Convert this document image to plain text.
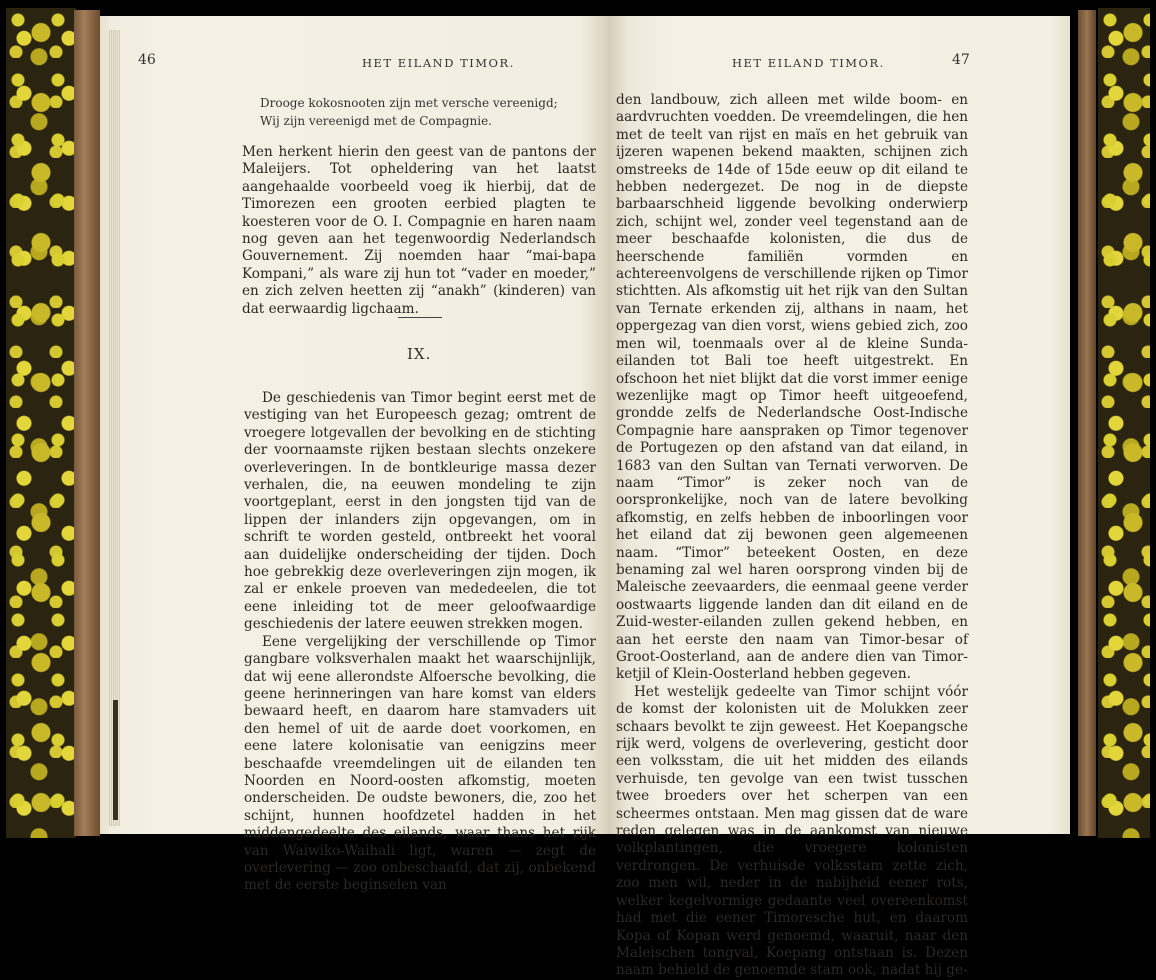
46	HET EILAND TIMOR.
Drooge kokosnooten zijn met versche vereenigd;
Wij zijn vereenigd met de Compagnie.

Men herkent hierin den geest van de pantons der Maleijers. Tot opheldering van het laatst aangehaalde voorbeeld voeg ik hierbij, dat de Timorezen een grooten eerbied plagten te koesteren voor de O. I. Compagnie en haren naam nog geven aan het tegenwoordig Nederlandsch Gouvernement. Zij noemden haar “mai-bapa Kompani,” als ware zij hun tot “vader en moeder,” en zich zelven heetten zij “anakh” (kinderen) van dat eerwaardig ligchaam.

IX.

De geschiedenis van Timor begint eerst met de vestiging van het Europeesch gezag; omtrent de vroegere lotgevallen der bevolking en de stichting der voornaamste rijken bestaan slechts onzekere overleveringen. In de bontkleurige massa dezer verhalen, die, na eeuwen mondeling te zijn voortgeplant, eerst in den jongsten tijd van de lippen der inlanders zijn opgevangen, om in schrift te worden gesteld, ontbreekt het vooral aan duidelijke onderscheiding der tijden. Doch hoe gebrekkig deze overleveringen zijn mogen, ik zal er enkele proeven van mededeelen, die tot eene inleiding tot de meer geloofwaardige geschiedenis der latere eeuwen strekken mogen.

Eene vergelijking der verschillende op Timor gangbare volksverhalen maakt het waarschijnlijk, dat wij eene allerondste Alfoersche bevolking, die geene herinneringen van hare komst van elders bewaard heeft, en daarom hare stamvaders uit den hemel of uit de aarde doet voorkomen, en eene latere kolonisatie van eenigzins meer beschaafde vreemdelingen uit de eilanden ten Noorden en Noord-oosten afkomstig, moeten onderscheiden. De oudste bewoners, die, zoo het schijnt, hunnen hoofdzetel hadden in het middengedeelte des eilands, waar thans het rijk van Waiwiko-Waihali ligt, waren — zegt de overlevering — zoo onbeschaafd, dat zij, onbekend met de eerste beginselen van

HET EILAND TIMOR.	47

den landbouw, zich alleen met wilde boom- en aardvruchten voedden. De vreemdelingen, die hen met de teelt van rijst en maïs en het gebruik van ijzeren wapenen bekend maakten, schijnen zich omstreeks de 14de of 15de eeuw op dit eiland te hebben nedergezet. De nog in de diepste barbaarschheid liggende bevolking onderwierp zich, schijnt wel, zonder veel tegenstand aan de meer beschaafde kolonisten, die dus de heerschende familiën vormden en achtereenvolgens de verschillende rijken op Timor stichtten. Als afkomstig uit het rijk van den Sultan van Ternate erkenden zij, althans in naam, het oppergezag van dien vorst, wiens gebied zich, zoo men wil, toenmaals over al de kleine Sunda-eilanden tot Bali toe heeft uitgestrekt. En ofschoon het niet blijkt dat die vorst immer eenige wezenlijke magt op Timor heeft uitgeoefend, grondde zelfs de Nederlandsche Oost-Indische Compagnie hare aanspraken op Timor tegenover de Portugezen op den afstand van dat eiland, in 1683 van den Sultan van Ternati verworven. De naam “Timor” is zeker noch van de oorspronkelijke, noch van de latere bevolking afkomstig, en zelfs hebben de inboorlingen voor het eiland dat zij bewonen geen algemeenen naam. “Timor” beteekent Oosten, en deze benaming zal wel haren oorsprong vinden bij de Maleische zeevaarders, die eenmaal geene verder oostwaarts liggende landen dan dit eiland en de Zuid-wester-eilanden zullen gekend hebben, en aan het eerste den naam van Timor-besar of Groot-Oosterland, aan de andere dien van Timor-ketjil of Klein-Oosterland hebben gegeven.

Het westelijk gedeelte van Timor schijnt vóór de komst der kolonisten uit de Molukken zeer schaars bevolkt te zijn geweest. Het Koepangsche rijk werd, volgens de overlevering, gesticht door een volksstam, die uit het midden des eilands verhuisde, ten gevolge van een twist tusschen twee broeders over het scherpen van een scheermes ontstaan. Men mag gissen dat de ware reden gelegen was in de aankomst van nieuwe volkplantingen, die vroegere kolonisten verdrongen. De verhuisde volksstam zette zich, zoo men wil, neder in de nabijheid eener rots, welker kegelvormige gedaante veel overeenkomst had met die eener Timoresche hut, en daarom Kopa of Kopan werd genoemd, waaruit, naar den Maleischen tongval, Koepang ontstaan is. Dezen naam behield de genoemde stam ook, nadat hij ge-
